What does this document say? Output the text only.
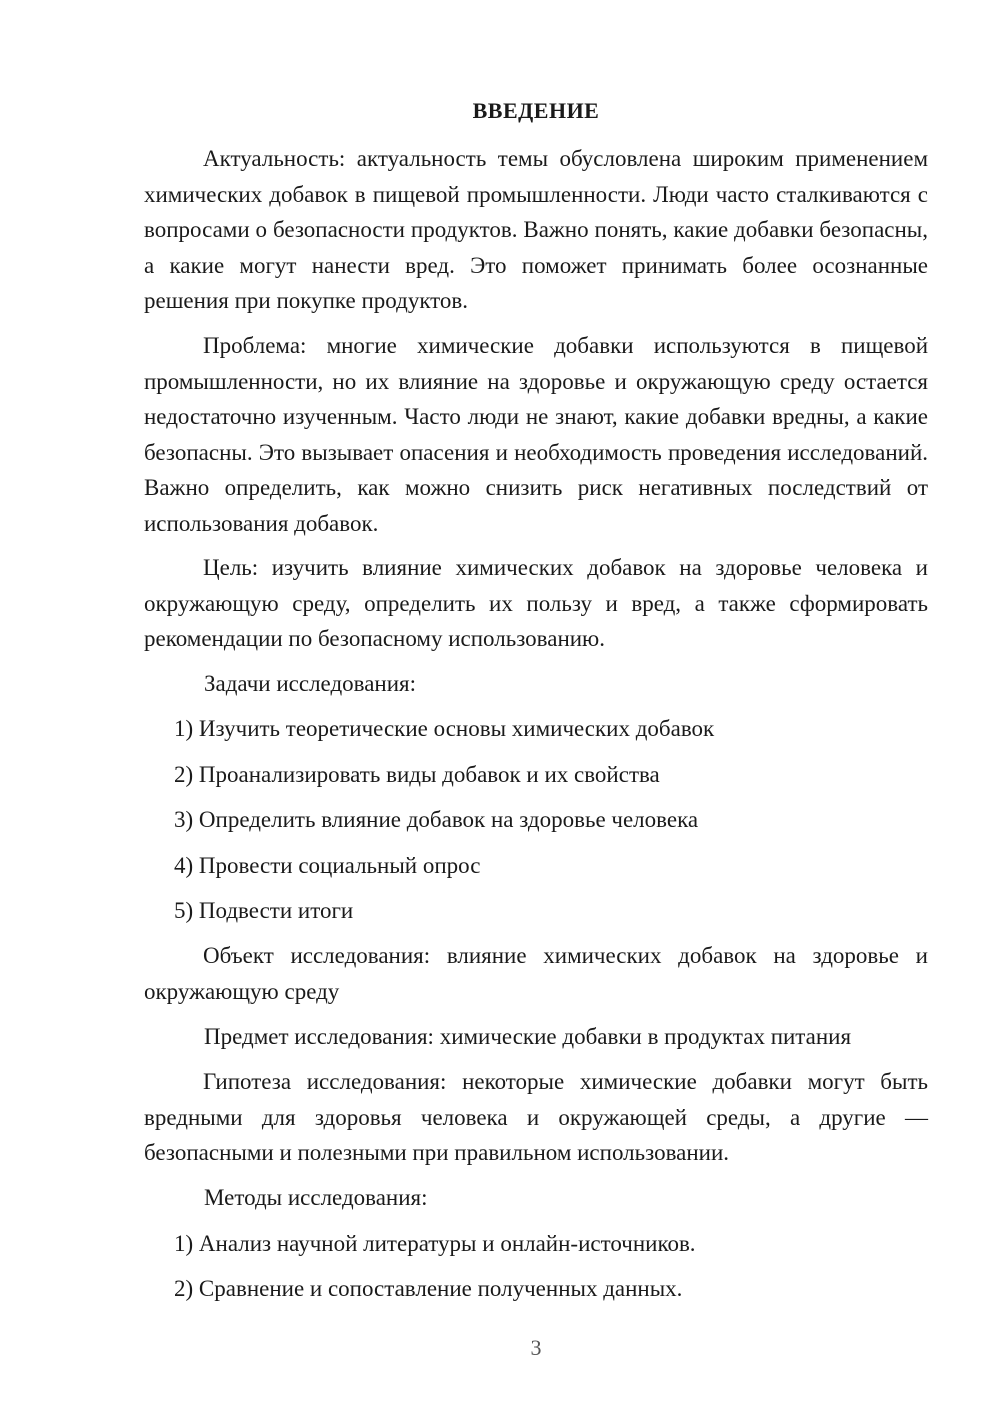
ВВЕДЕНИЕ

Актуальность: актуальность темы обусловлена широким применением химических добавок в пищевой промышленности. Люди часто сталкиваются с вопросами о безопасности продуктов. Важно понять, какие добавки безопасны, а какие могут нанести вред. Это поможет принимать более осознанные решения при покупке продуктов.

Проблема: многие химические добавки используются в пищевой промышленности, но их влияние на здоровье и окружающую среду остается недостаточно изученным. Часто люди не знают, какие добавки вредны, а какие безопасны. Это вызывает опасения и необходимость проведения исследований. Важно определить, как можно снизить риск негативных последствий от использования добавок.

Цель: изучить влияние химических добавок на здоровье человека и окружающую среду, определить их пользу и вред, а также сформировать рекомендации по безопасному использованию.

Задачи исследования:

1) Изучить теоретические основы химических добавок

2) Проанализировать виды добавок и их свойства

3) Определить влияние добавок на здоровье человека

4) Провести социальный опрос

5) Подвести итоги

Объект исследования: влияние химических добавок на здоровье и окружающую среду

Предмет исследования: химические добавки в продуктах питания

Гипотеза исследования: некоторые химические добавки могут быть вредными для здоровья человека и окружающей среды, а другие — безопасными и полезными при правильном использовании.

Методы исследования:

1) Анализ научной литературы и онлайн-источников.

2) Сравнение и сопоставление полученных данных.

3
